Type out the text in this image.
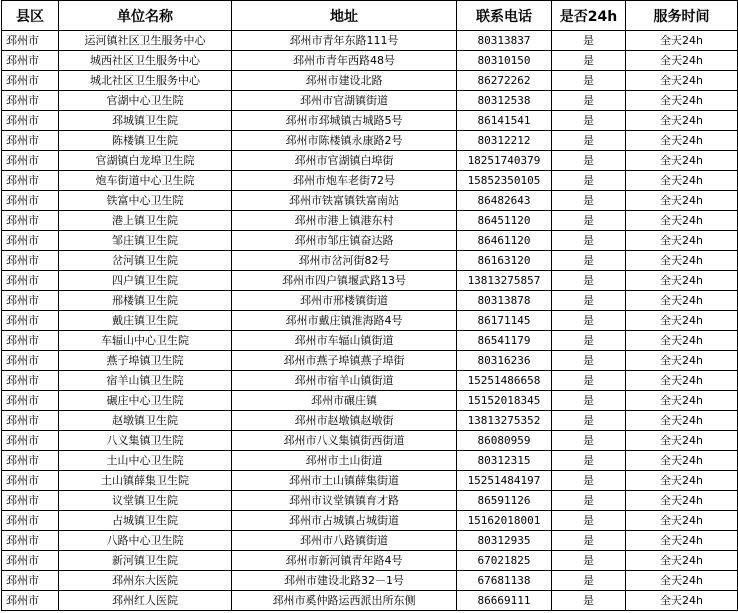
县区	单位名称	地址	联系电话	是否24h	服务时间
邳州市	运河镇社区卫生服务中心	邳州市青年东路111号	80313837	是	全天24h
邳州市	城西社区卫生服务中心	邳州市青年西路48号	80310150	是	全天24h
邳州市	城北社区卫生服务中心	邳州市建设北路	86272262	是	全天24h
邳州市	官湖中心卫生院	邳州市官湖镇街道	80312538	是	全天24h
邳州市	邳城镇卫生院	邳州市邳城镇古城路5号	86141541	是	全天24h
邳州市	陈楼镇卫生院	邳州市陈楼镇永康路2号	80312212	是	全天24h
邳州市	官湖镇白龙埠卫生院	邳州市官湖镇白埠街	18251740379	是	全天24h
邳州市	炮车街道中心卫生院	邳州市炮车老街72号	15852350105	是	全天24h
邳州市	铁富中心卫生院	邳州市铁富镇铁富南站	86482643	是	全天24h
邳州市	港上镇卫生院	邳州市港上镇港东村	86451120	是	全天24h
邳州市	邹庄镇卫生院	邳州市邹庄镇奋达路	86461120	是	全天24h
邳州市	岔河镇卫生院	邳州市岔河街82号	86163120	是	全天24h
邳州市	四户镇卫生院	邳州市四户镇堰武路13号	13813275857	是	全天24h
邳州市	邢楼镇卫生院	邳州市邢楼镇街道	80313878	是	全天24h
邳州市	戴庄镇卫生院	邳州市戴庄镇淮海路4号	86171145	是	全天24h
邳州市	车辐山中心卫生院	邳州市车辐山镇街道	86541179	是	全天24h
邳州市	燕子埠镇卫生院	邳州市燕子埠镇燕子埠街	80316236	是	全天24h
邳州市	宿羊山镇卫生院	邳州市宿羊山镇街道	15251486658	是	全天24h
邳州市	碾庄中心卫生院	邳州市碾庄镇	15152018345	是	全天24h
邳州市	赵墩镇卫生院	邳州市赵墩镇赵墩街	13813275352	是	全天24h
邳州市	八义集镇卫生院	邳州市八义集镇街西街道	86080959	是	全天24h
邳州市	土山中心卫生院	邳州市土山街道	80312315	是	全天24h
邳州市	土山镇薛集卫生院	邳州市土山镇薛集街道	15251484197	是	全天24h
邳州市	议堂镇卫生院	邳州市议堂镇镇育才路	86591126	是	全天24h
邳州市	占城镇卫生院	邳州市占城镇占城街道	15162018001	是	全天24h
邳州市	八路中心卫生院	邳州市八路镇街道	80312935	是	全天24h
邳州市	新河镇卫生院	邳州市新河镇青年路4号	67021825	是	全天24h
邳州市	邳州东大医院	邳州市建设北路32－1号	67681138	是	全天24h
邳州市	邳州红人医院	邳州市奚仲路运西派出所东侧	86669111	是	全天24h
